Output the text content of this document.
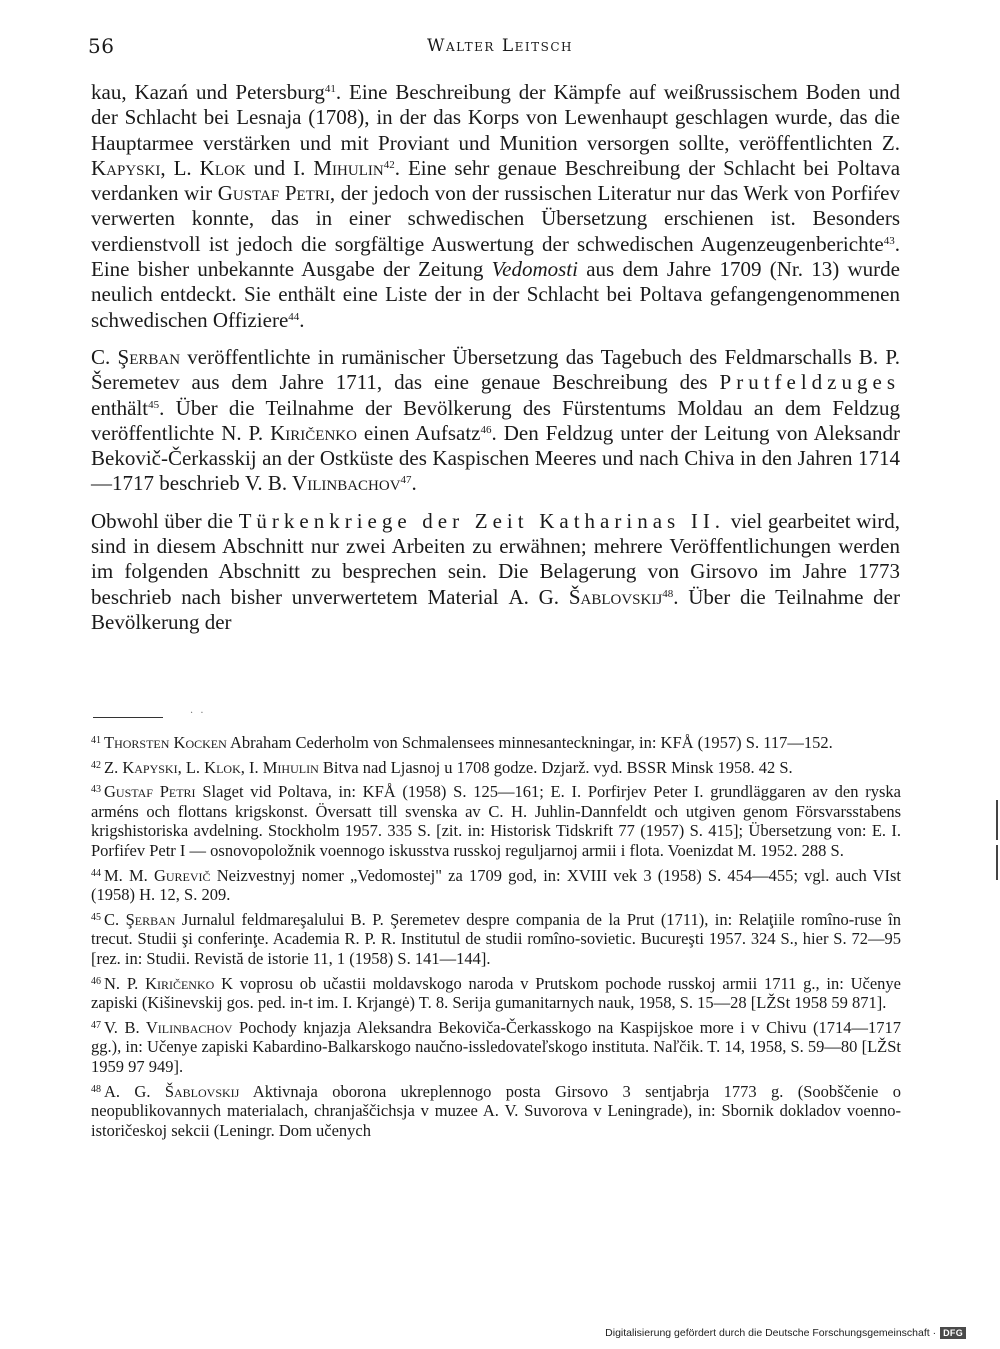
56	Walter Leitsch

kau, Kazań und Petersburg$^{41}$. Eine Beschreibung der Kämpfe auf weißrussischem Boden und der Schlacht bei Lesnaja (1708), in der das Korps von Lewenhaupt geschlagen wurde, das die Hauptarmee verstärken und mit Proviant und Munition versorgen sollte, veröffentlichten Z. Kapyski, L. Klok und I. Mihulin$^{42}$. Eine sehr genaue Beschreibung der Schlacht bei Poltava verdanken wir Gustaf Petri, der jedoch von der russischen Literatur nur das Werk von Porfiŕev verwerten konnte, das in einer schwedischen Übersetzung erschienen ist. Besonders verdienstvoll ist jedoch die sorgfältige Auswertung der schwedischen Augenzeugenberichte$^{43}$. Eine bisher unbekannte Ausgabe der Zeitung Vedomosti aus dem Jahre 1709 (Nr. 13) wurde neulich entdeckt. Sie enthält eine Liste der in der Schlacht bei Poltava gefangengenommenen schwedischen Offiziere$^{44}$.

C. Şerban veröffentlichte in rumänischer Übersetzung das Tagebuch des Feldmarschalls B. P. Šeremetev aus dem Jahre 1711, das eine genaue Beschreibung des Prutfeldzuges enthält$^{45}$. Über die Teilnahme der Bevölkerung des Fürstentums Moldau an dem Feldzug veröffentlichte N. P. Kiričenko einen Aufsatz$^{46}$. Den Feldzug unter der Leitung von Aleksandr Bekovič-Čerkasskij an der Ostküste des Kaspischen Meeres und nach Chiva in den Jahren 1714—1717 beschrieb V. B. Vilinbachov$^{47}$.

Obwohl über die Türkenkriege der Zeit Katharinas II. viel gearbeitet wird, sind in diesem Abschnitt nur zwei Arbeiten zu erwähnen; mehrere Veröffentlichungen werden im folgenden Abschnitt zu besprechen sein. Die Belagerung von Girsovo im Jahre 1773 beschrieb nach bisher unverwertetem Material A. G. Šablovskij$^{48}$. Über die Teilnahme der Bevölkerung der

· ·

$^{41}$ Thorsten Kocken Abraham Cederholm von Schmalensees minnesanteckningar, in: KFÅ (1957) S. 117—152.

$^{42}$ Z. Kapyski, L. Klok, I. Mihulin Bitva nad Ljasnoj u 1708 godze. Dzjarž. vyd. BSSR Minsk 1958. 42 S.

$^{43}$ Gustaf Petri Slaget vid Poltava, in: KFÅ (1958) S. 125—161; E. I. Porfirjev Peter I. grundläggaren av den ryska arméns och flottans krigskonst. Översatt till svenska av C. H. Juhlin-Dannfeldt och utgiven genom Försvarsstabens krigshistoriska avdelning. Stockholm 1957. 335 S. [zit. in: Historisk Tidskrift 77 (1957) S. 415]; Übersetzung von: E. I. Porfiŕev Petr I — osnovopoložnik voennogo iskusstva russkoj reguljarnoj armii i flota. Voenizdat M. 1952. 288 S.

$^{44}$ M. M. Gurevič Neizvestnyj nomer „Vedomostej" za 1709 god, in: XVIII vek 3 (1958) S. 454—455; vgl. auch VIst (1958) H. 12, S. 209.

$^{45}$ C. Şerban Jurnalul feldmareşalului B. P. Şeremetev despre compania de la Prut (1711), in: Relaţiile romîno-ruse în trecut. Studii şi conferinţe. Academia R. P. R. Institutul de studii romîno-sovietic. Bucureşti 1957. 324 S., hier S. 72—95 [rez. in: Studii. Revistă de istorie 11, 1 (1958) S. 141—144].

$^{46}$ N. P. Kiričenko K voprosu ob učastii moldavskogo naroda v Prutskom pochode russkoj armii 1711 g., in: Učenye zapiski (Kišinevskij gos. ped. in-t im. I. Krjangė) T. 8. Serija gumanitarnych nauk, 1958, S. 15—28 [LŽSt 1958 59 871].

$^{47}$ V. B. Vilinbachov Pochody knjazja Aleksandra Bekoviča-Čerkasskogo na Kaspijskoe more i v Chivu (1714—1717 gg.), in: Učenye zapiski Kabardino-Balkarskogo naučno-issledovateľskogo instituta. Naľčik. T. 14, 1958, S. 59—80 [LŽSt 1959 97 949].

$^{48}$ A. G. Šablovskij Aktivnaja oborona ukreplennogo posta Girsovo 3 sentjabrja 1773 g. (Soobščenie o neopublikovannych materialach, chranjaščichsja v muzee A. V. Suvorova v Leningrade), in: Sbornik dokladov voenno-istoričeskoj sekcii (Leningr. Dom učenych

Digitalisierung gefördert durch die Deutsche Forschungsgemeinschaft · DFG
